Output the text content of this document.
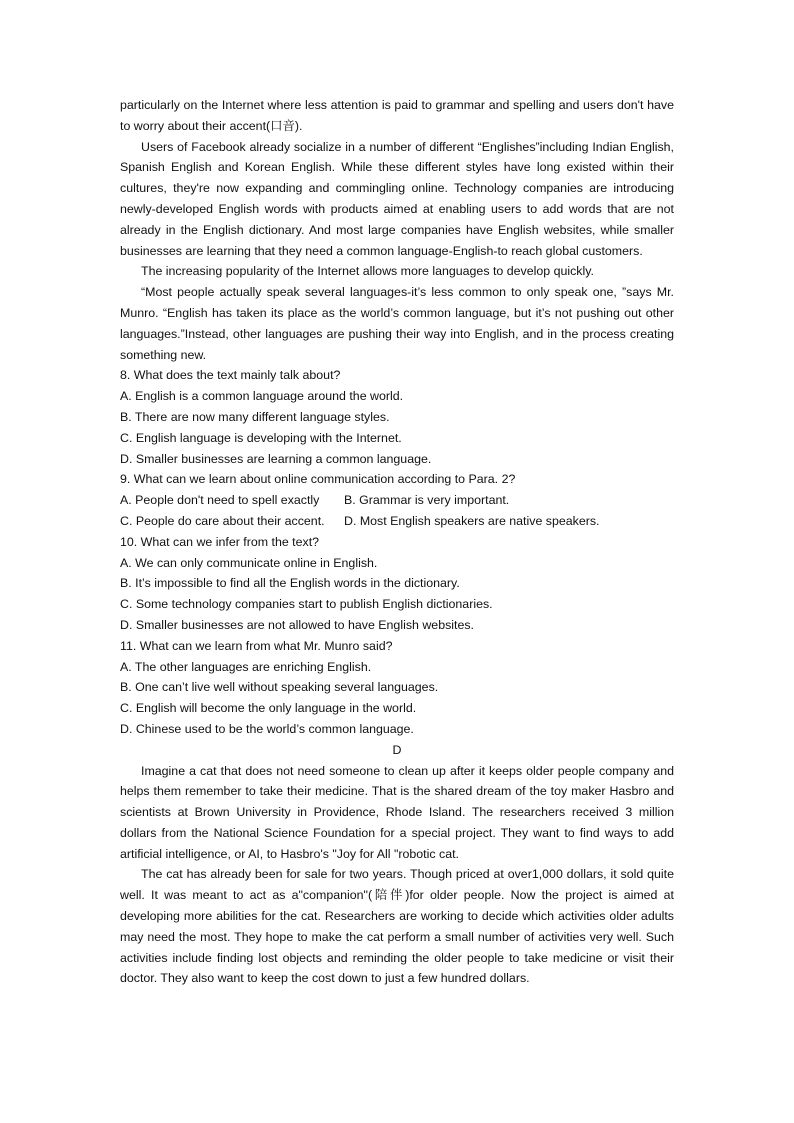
particularly on the Internet where less attention is paid to grammar and spelling and users don't have to worry about their accent(口音).

Users of Facebook already socialize in a number of different “Englishes”including Indian English, Spanish English and Korean English. While these different styles have long existed within their cultures, they're now expanding and commingling online. Technology companies are introducing newly-developed English words with products aimed at enabling users to add words that are not already in the English dictionary. And most large companies have English websites, while smaller businesses are learning that they need a common language-English-to reach global customers.

The increasing popularity of the Internet allows more languages to develop quickly.

“Most people actually speak several languages-it’s less common to only speak one, ”says Mr. Munro. “English has taken its place as the world’s common language, but it’s not pushing out other languages.”Instead, other languages are pushing their way into English, and in the process creating something new.

8. What does the text mainly talk about?

A. English is a common language around the world.

B. There are now many different language styles.

C. English language is developing with the Internet.

D. Smaller businesses are learning a common language.

9. What can we learn about online communication according to Para. 2?

A. People don't need to spell exactly B. Grammar is very important.

C. People do care about their accent. D. Most English speakers are native speakers.

10. What can we infer from the text?

A. We can only communicate online in English.

B. It’s impossible to find all the English words in the dictionary.

C. Some technology companies start to publish English dictionaries.

D. Smaller businesses are not allowed to have English websites.

11. What can we learn from what Mr. Munro said?

A. The other languages are enriching English.

B. One can’t live well without speaking several languages.

C. English will become the only language in the world.

D. Chinese used to be the world’s common language.

D

Imagine a cat that does not need someone to clean up after it keeps older people company and helps them remember to take their medicine. That is the shared dream of the toy maker Hasbro and scientists at Brown University in Providence, Rhode Island. The researchers received 3 million dollars from the National Science Foundation for a special project. They want to find ways to add artificial intelligence, or AI, to Hasbro's "Joy for All "robotic cat.

The cat has already been for sale for two years. Though priced at over1,000 dollars, it sold quite well. It was meant to act as a"companion"(陪伴)for older people. Now the project is aimed at developing more abilities for the cat. Researchers are working to decide which activities older adults may need the most. They hope to make the cat perform a small number of activities very well. Such activities include finding lost objects and reminding the older people to take medicine or visit their doctor. They also want to keep the cost down to just a few hundred dollars.
